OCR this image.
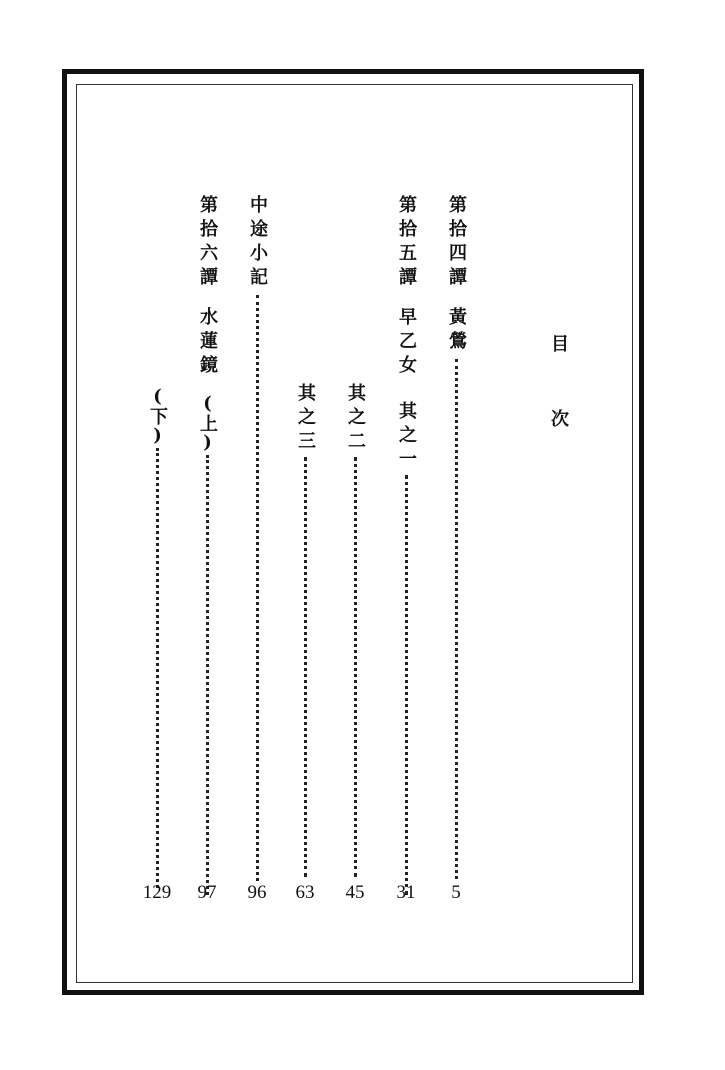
目
次

第拾四譚

黃鶯

5

第拾五譚

早乙女

其之一

31

其之二

45

其之三

63

中途小記

96

第拾六譚

水蓮鏡

(上)

97

(下)

129
